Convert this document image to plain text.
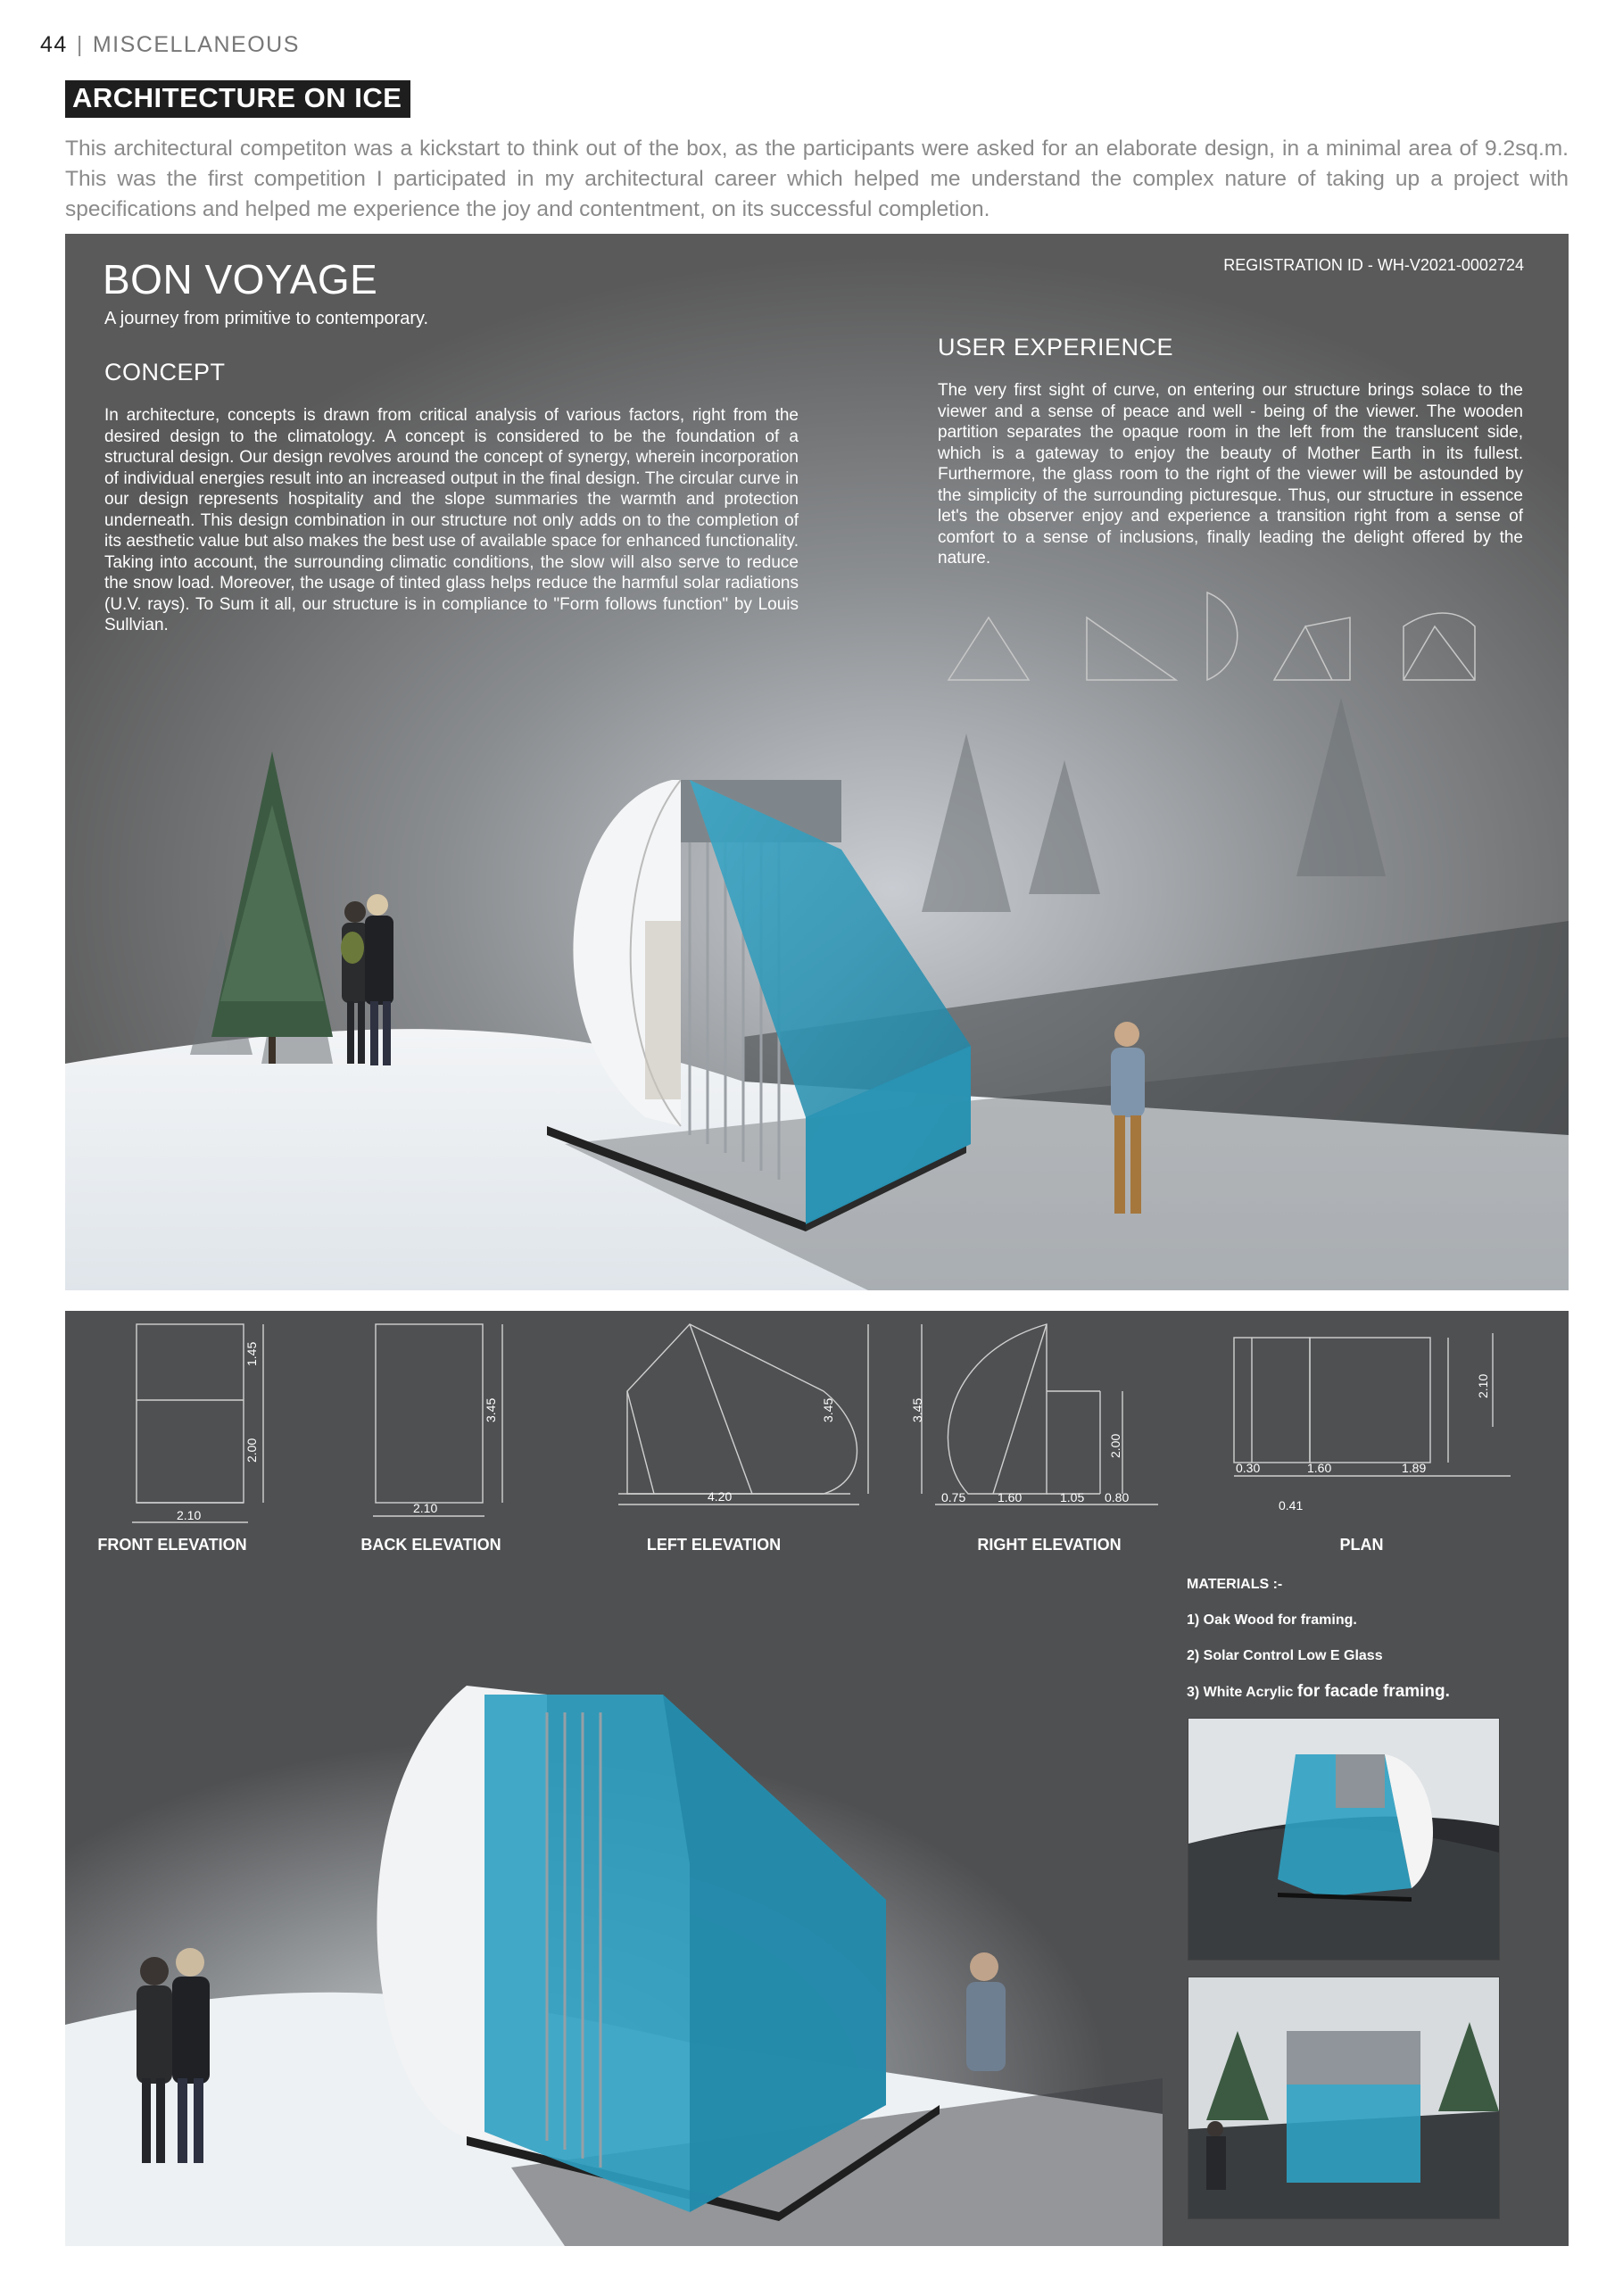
44 | MISCELLANEOUS
ARCHITECTURE ON ICE
This architectural competiton was a kickstart to think out of the box, as the participants were asked for an elaborate design, in a minimal area of 9.2sq.m. This was the first competition I participated in my architectural career which helped me understand the complex nature of taking up a project with specifications and helped me experience the joy and contentment, on its successful completion.
BON VOYAGE
A journey from primitive to contemporary.
REGISTRATION ID - WH-V2021-0002724
CONCEPT
In architecture, concepts is drawn from critical analysis of various factors, right from the desired design to the climatology. A concept is considered to be the foundation of a structural design. Our design revolves around the concept of synergy, wherein incorporation of individual energies result into an increased output in the final design. The circular curve in our design represents hospitality and the slope summaries the warmth and protection underneath. This design combination in our structure not only adds on to the completion of its aesthetic value but also makes the best use of available space for enhanced functionality. Taking into account, the surrounding climatic conditions, the slow will also serve to reduce the snow load. Moreover, the usage of tinted glass helps reduce the harmful solar radiations (U.V. rays). To Sum it all, our structure is in compliance to "Form follows function" by Louis Sullvian.
USER EXPERIENCE
The very first sight of curve, on entering our structure brings solace to the viewer and a sense of peace and well - being of the viewer. The wooden partition separates the opaque room in the left from the translucent side, which is a gateway to enjoy the beauty of Mother Earth in its fullest. Furthermore, the glass room to the right of the viewer will be astounded by the simplicity of the surrounding picturesque. Thus, our structure in essence let's the observer enjoy and experience a transition right from a sense of comfort to a sense of inclusions, finally leading the delight offered by the nature.
1.45
2.00
2.10
3.45
2.10
3.45
4.20
3.45
2.00
0.75	1.60	1.05 0.80
2.10
0.30	1.60	1.89
0.41
FRONT ELEVATION	BACK ELEVATION	LEFT ELEVATION	RIGHT ELEVATION	PLAN
MATERIALS :-
1) Oak Wood for framing.
2) Solar Control Low E Glass
3) White Acrylic for facade framing.
